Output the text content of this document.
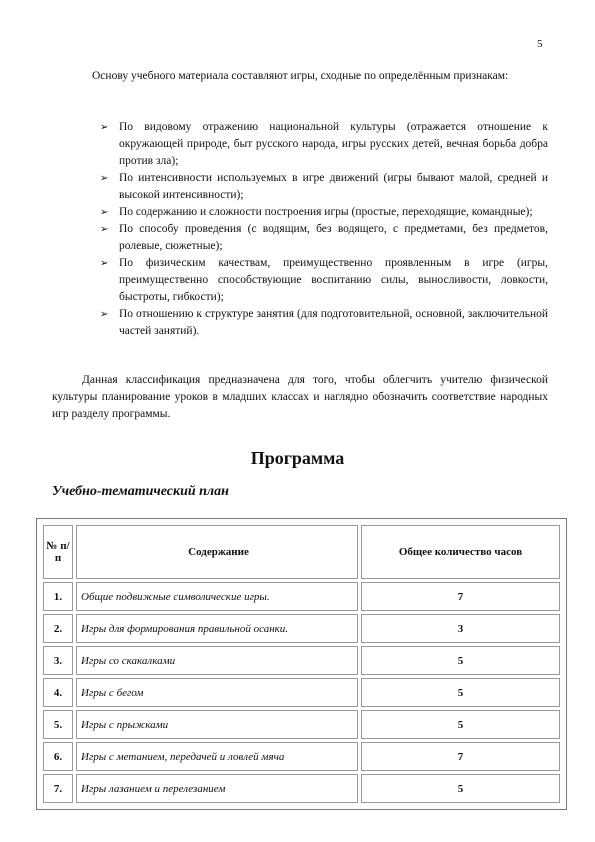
5

Основу учебного материала составляют игры, сходные по определённым признакам:

➢ По видовому отражению национальной культуры (отражается отношение к окружающей природе, быт русского народа, игры русских детей, вечная борьба добра против зла);
➢ По интенсивности используемых в игре движений (игры бывают малой, средней и высокой интенсивности);
➢ По содержанию и сложности построения игры (простые, переходящие, командные);
➢ По способу проведения (с водящим, без водящего, с предметами, без предметов, ролевые, сюжетные);
➢ По физическим качествам, преимущественно проявленным в игре (игры, преимущественно способствующие воспитанию силы, выносливости, ловкости, быстроты, гибкости);
➢ По отношению к структуре занятия (для подготовительной, основной, заключительной частей занятий).

Данная классификация предназначена для того, чтобы облегчить учителю физической культуры планирование уроков в младших классах и наглядно обозначить соответствие народных игр разделу программы.

Программа
Учебно-тематический план
№ п/п	Содержание	Общее количество часов
1.	Общие подвижные символические игры.	7
2.	Игры для формирования правильной осанки.	3
3.	Игры со скакалками	5
4.	Игры с бегом	5
5.	Игры с прыжками	5
6.	Игры с метанием, передачей и ловлей мяча	7
7.	Игры лазанием и перелезанием	5
